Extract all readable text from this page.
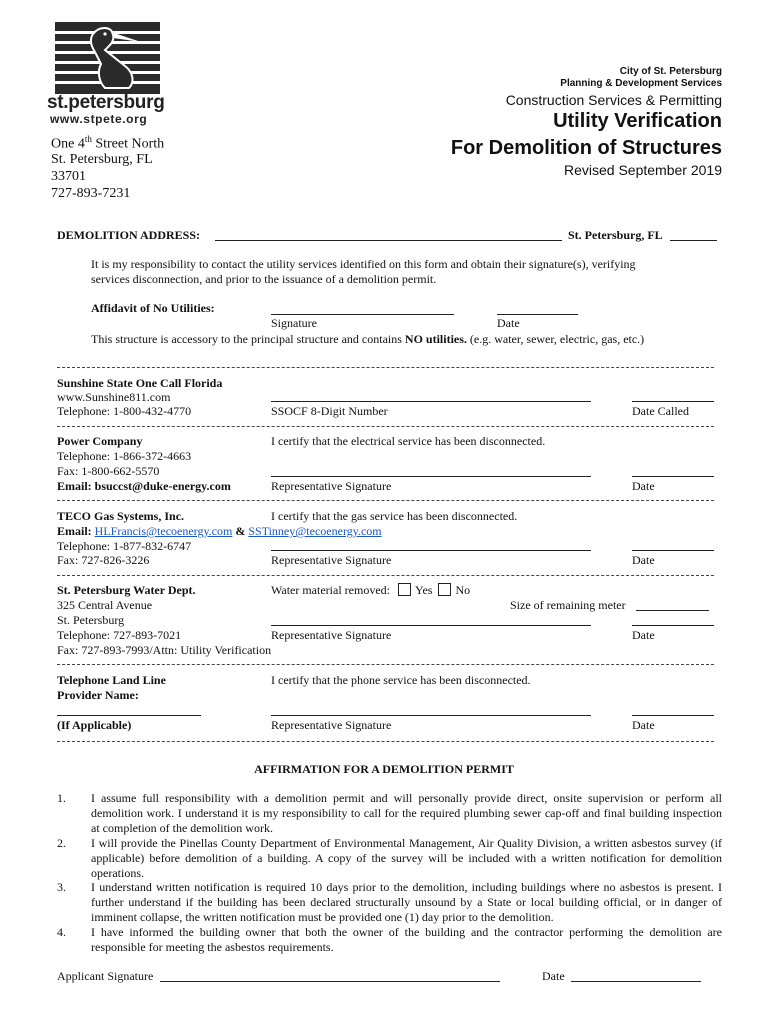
st.petersburg
www.stpete.org
One 4th Street North
St. Petersburg, FL
33701
727-893-7231
City of St. Petersburg
Planning & Development Services
Construction Services & Permitting
Utility Verification
For Demolition of Structures
Revised September 2019
DEMOLITION ADDRESS:	St. Petersburg, FL
It is my responsibility to contact the utility services identified on this form and obtain their signature(s), verifying services disconnection, and prior to the issuance of a demolition permit.
Affidavit of No Utilities:
Signature	Date
This structure is accessory to the principal structure and contains NO utilities. (e.g. water, sewer, electric, gas, etc.)
Sunshine State One Call Florida
www.Sunshine811.com
Telephone: 1-800-432-4770	SSOCF 8-Digit Number	Date Called
Power Company	I certify that the electrical service has been disconnected.
Telephone: 1-866-372-4663
Fax: 1-800-662-5570
Email: bsuccst@duke-energy.com	Representative Signature	Date
TECO Gas Systems, Inc.	I certify that the gas service has been disconnected.
Email: HLFrancis@tecoenergy.com & SSTinney@tecoenergy.com
Telephone: 1-877-832-6747
Fax: 727-826-3226	Representative Signature	Date
St. Petersburg Water Dept.	Water material removed: Yes No
325 Central Avenue	Size of remaining meter
St. Petersburg
Telephone: 727-893-7021	Representative Signature	Date
Fax: 727-893-7993/Attn: Utility Verification
Telephone Land Line	I certify that the phone service has been disconnected.
Provider Name:
(If Applicable)	Representative Signature	Date
AFFIRMATION FOR A DEMOLITION PERMIT
1. I assume full responsibility with a demolition permit and will personally provide direct, onsite supervision or perform all demolition work. I understand it is my responsibility to call for the required plumbing sewer cap-off and final building inspection at completion of the demolition work.
2. I will provide the Pinellas County Department of Environmental Management, Air Quality Division, a written asbestos survey (if applicable) before demolition of a building. A copy of the survey will be included with a written notification for demolition operations.
3. I understand written notification is required 10 days prior to the demolition, including buildings where no asbestos is present. I further understand if the building has been declared structurally unsound by a State or local building official, or in danger of imminent collapse, the written notification must be provided one (1) day prior to the demolition.
4. I have informed the building owner that both the owner of the building and the contractor performing the demolition are responsible for meeting the asbestos requirements.
Applicant Signature	Date
